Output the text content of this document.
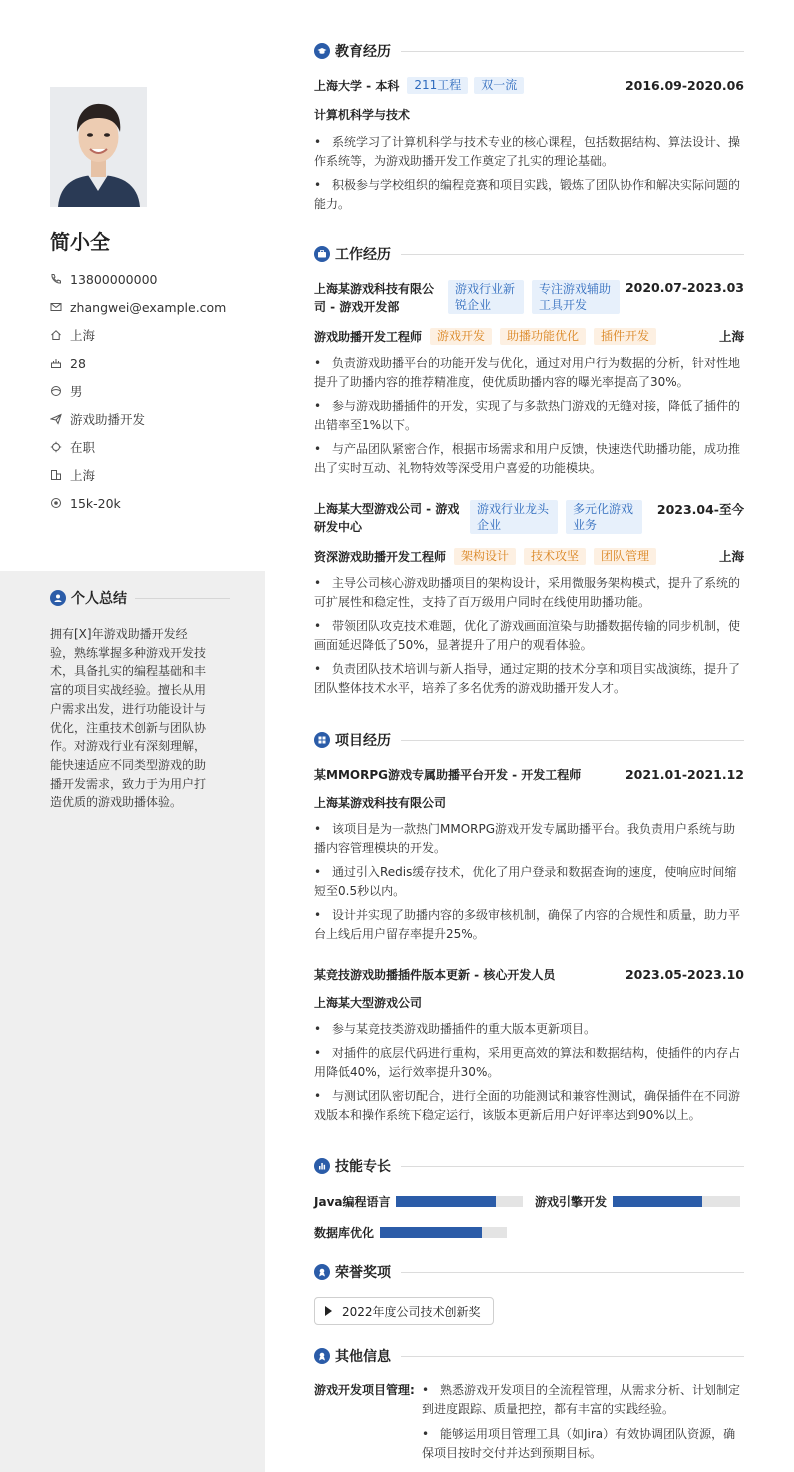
简小全
13800000000
zhangwei@example.com
上海
28
男
游戏助播开发
在职
上海
15k-20k
个人总结
拥有[X]年游戏助播开发经验，熟练掌握多种游戏开发技术，具备扎实的编程基础和丰富的项目实战经验。擅长从用户需求出发，进行功能设计与优化，注重技术创新与团队协作。对游戏行业有深刻理解，能快速适应不同类型游戏的助播开发需求，致力于为用户打造优质的游戏助播体验。
教育经历
上海大学 - 本科	211工程	双一流	2016.09-2020.06
计算机科学与技术
• 系统学习了计算机科学与技术专业的核心课程，包括数据结构、算法设计、操作系统等，为游戏助播开发工作奠定了扎实的理论基础。
• 积极参与学校组织的编程竞赛和项目实践，锻炼了团队协作和解决实际问题的能力。
工作经历
上海某游戏科技有限公司 - 游戏开发部
游戏行业新锐企业
专注游戏辅助工具开发
2020.07-2023.03
游戏助播开发工程师	游戏开发	助播功能优化	插件开发	上海
• 负责游戏助播平台的功能开发与优化，通过对用户行为数据的分析，针对性地提升了助播内容的推荐精准度，使优质助播内容的曝光率提高了30%。
• 参与游戏助播插件的开发，实现了与多款热门游戏的无缝对接，降低了插件的出错率至1%以下。
• 与产品团队紧密合作，根据市场需求和用户反馈，快速迭代助播功能，成功推出了实时互动、礼物特效等深受用户喜爱的功能模块。
上海某大型游戏公司 - 游戏研发中心
游戏行业龙头企业
多元化游戏业务
2023.04-至今
资深游戏助播开发工程师	架构设计	技术攻坚	团队管理	上海
• 主导公司核心游戏助播项目的架构设计，采用微服务架构模式，提升了系统的可扩展性和稳定性，支持了百万级用户同时在线使用助播功能。
• 带领团队攻克技术难题，优化了游戏画面渲染与助播数据传输的同步机制，使画面延迟降低了50%，显著提升了用户的观看体验。
• 负责团队技术培训与新人指导，通过定期的技术分享和项目实战演练，提升了团队整体技术水平，培养了多名优秀的游戏助播开发人才。
项目经历
某MMORPG游戏专属助播平台开发 - 开发工程师	2021.01-2021.12
上海某游戏科技有限公司
• 该项目是为一款热门MMORPG游戏开发专属助播平台。我负责用户系统与助播内容管理模块的开发。
• 通过引入Redis缓存技术，优化了用户登录和数据查询的速度，使响应时间缩短至0.5秒以内。
• 设计并实现了助播内容的多级审核机制，确保了内容的合规性和质量，助力平台上线后用户留存率提升25%。
某竞技游戏助播插件版本更新 - 核心开发人员	2023.05-2023.10
上海某大型游戏公司
• 参与某竞技类游戏助播插件的重大版本更新项目。
• 对插件的底层代码进行重构，采用更高效的算法和数据结构，使插件的内存占用降低40%，运行效率提升30%。
• 与测试团队密切配合，进行全面的功能测试和兼容性测试，确保插件在不同游戏版本和操作系统下稳定运行，该版本更新后用户好评率达到90%以上。
技能专长
Java编程语言	游戏引擎开发
数据库优化
荣誉奖项
2022年度公司技术创新奖
其他信息
游戏开发项目管理:
•	熟悉游戏开发项目的全流程管理，从需求分析、计划制定到进度跟踪、质量把控，都有丰富的实践经验。
• 能够运用项目管理工具（如Jira）有效协调团队资源，确保项目按时交付并达到预期目标。
